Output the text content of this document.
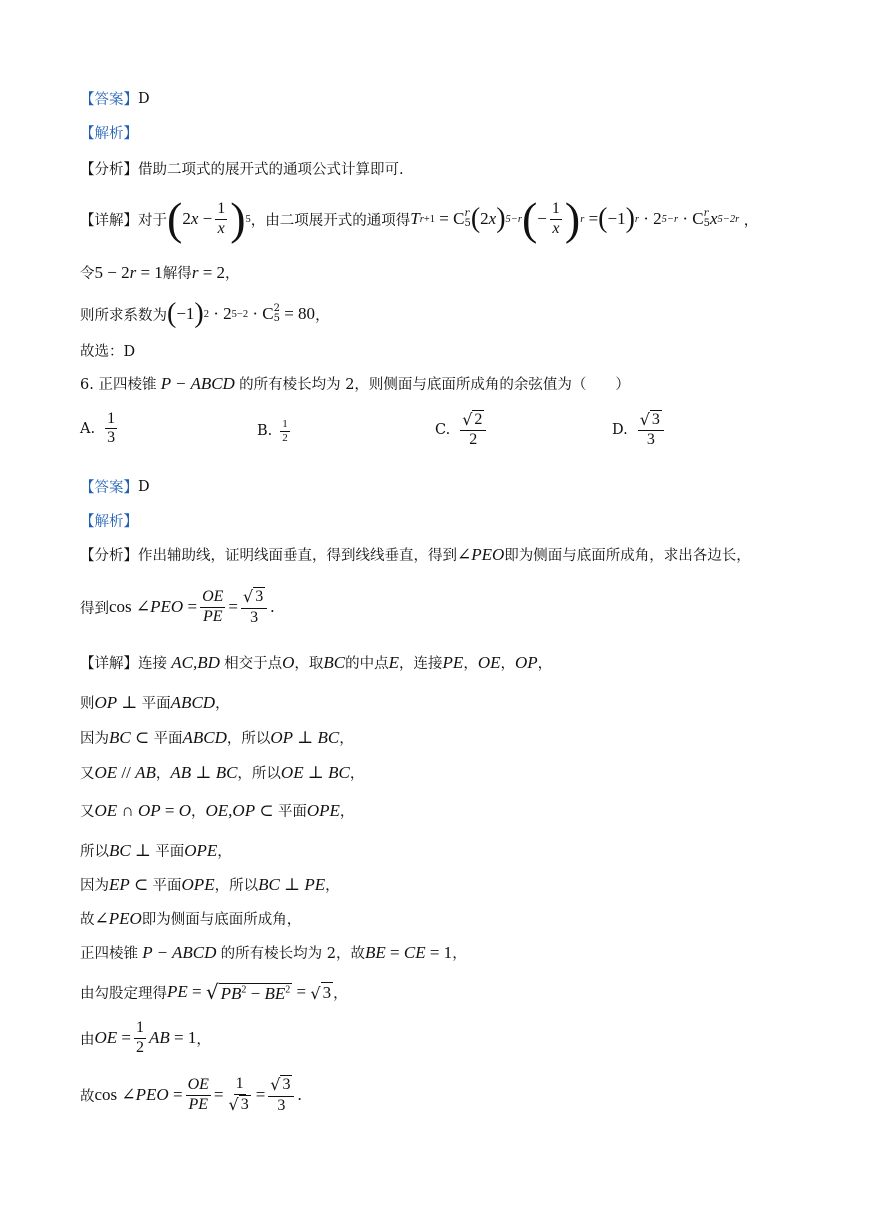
【答案】 D
【解析】
【分析】 借助二项式的展开式的通项公式计算即可.
【详解】 对于 ( 2 $x - \frac{1}{x}$ ) 5 ，由二项展开式的通项得 T r +1 = C r
5 ( 2 x ) 5−r ( − $\frac{1}{x}$ ) r = ( −1 ) r · 2 5−r · C r
5 x 5−2r ，
令 5 − 2r = 1 解得 r = 2 ，
则所求系数为 ( −1 ) 2 · 2 5−2 · C 2
5 = 80 ，
故选：D
6. 正四棱锥 P − ABCD 的所有棱长均为 2，则侧面与底面所成角的余弦值为（　　）
A. $\frac{1}{3}$	B. $\frac{1}{2}$	C. $\frac{√ 2}{2}$	D. $\frac{√ 3}{3}$
【答案】 D
【解析】
【分析】 作出辅助线，证明线面垂直，得到线线垂直，得到 ∠PEO 即为侧面与底面所成角，求出各边长，
得到 cos ∠PEO = $\frac{OE}{PE} = \frac{√ 3}{3}$ .
【详解】 连接 AC,BD 相交于点 O ，取 BC 的中点 E ，连接 PE ， OE ， OP ，
则 OP ⊥ 平面 ABCD ，
因为 BC ⊂ 平面 ABCD ，所以 OP ⊥ BC ，
又 OE // AB ， AB ⊥ BC ，所以 OE ⊥ BC ，
又 OE ∩ OP = O ， OE,OP ⊂ 平面 OPE ，
所以 BC ⊥ 平面 OPE ，
因为 EP ⊂ 平面 OPE ，所以 BC ⊥ PE ，
故 ∠PEO 即为侧面与底面所成角，
正四棱锥 P − ABCD 的所有棱长均为 2，故 BE = CE = 1 ，
由勾股定理得 PE = √ $PB^2 - BE^2$ = √ 3 ，
由 OE = $\frac{1}{2}$ AB = 1 ，
故 cos ∠PEO = $\frac{OE}{PE} = \frac{1}{√ 3} = \frac{√ 3}{3}$ .
